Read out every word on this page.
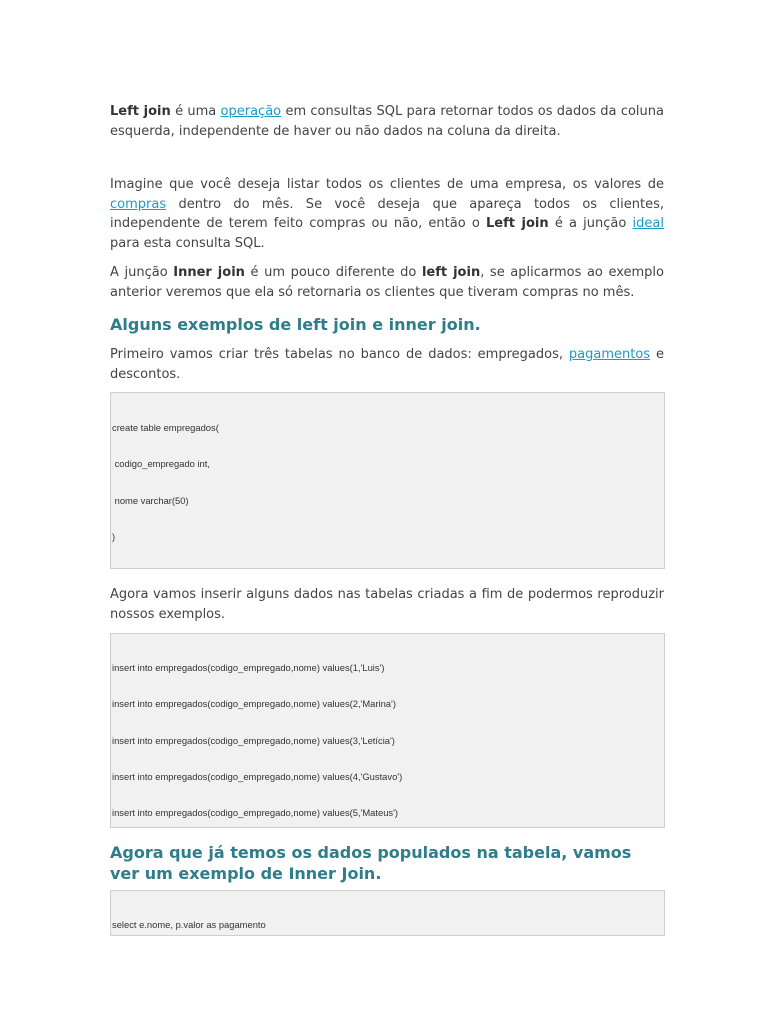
Left join é uma operação em consultas SQL para retornar todos os dados da coluna esquerda, independente de haver ou não dados na coluna da direita.

Imagine que você deseja listar todos os clientes de uma empresa, os valores de compras dentro do mês. Se você deseja que apareça todos os clientes, independente de terem feito compras ou não, então o Left join é a junção ideal para esta consulta SQL.

A junção Inner join é um pouco diferente do left join, se aplicarmos ao exemplo anterior veremos que ela só retornaria os clientes que tiveram compras no mês.

Alguns exemplos de left join e inner join.

Primeiro vamos criar três tabelas no banco de dados: empregados, pagamentos e descontos.

create table empregados(

codigo_empregado int,

nome varchar(50)

)

Agora vamos inserir alguns dados nas tabelas criadas a fim de podermos reproduzir nossos exemplos.

insert into empregados(codigo_empregado,nome) values(1,'Luis')

insert into empregados(codigo_empregado,nome) values(2,'Marina')

insert into empregados(codigo_empregado,nome) values(3,'Letícia')

insert into empregados(codigo_empregado,nome) values(4,'Gustavo')

insert into empregados(codigo_empregado,nome) values(5,'Mateus')

Agora que já temos os dados populados na tabela, vamos ver um exemplo de Inner Join.

select e.nome, p.valor as pagamento
